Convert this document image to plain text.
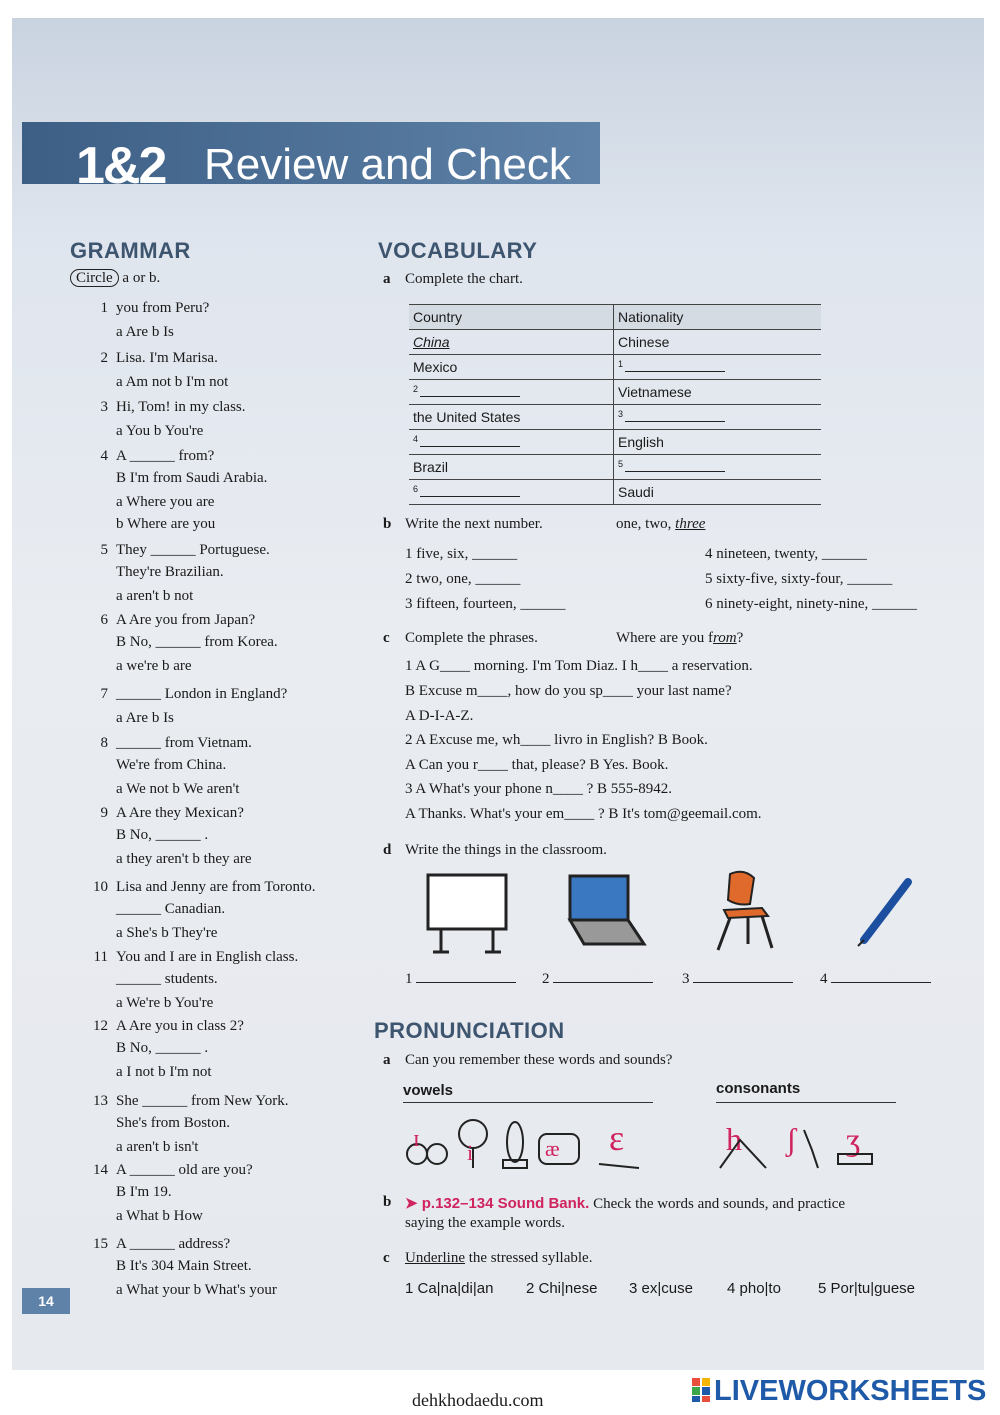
1&2 Review and Check
GRAMMAR
Circle a or b.
1 you from Peru?
a Are b Is
2 Lisa. I'm Marisa.
a Am not b I'm not
3 Hi, Tom! in my class.
a You b You're
4 A ______ from?
B I'm from Saudi Arabia.
a Where you are
b Where are you
5 They ______ Portuguese.
They're Brazilian.
a aren't b not
6 A Are you from Japan?
B No, ______ from Korea.
a we're b are
7 ______ London in England?
a Are b Is
8 ______ from Vietnam.
We're from China.
a We not b We aren't
9 A Are they Mexican?
B No, ______ .
a they aren't b they are
10 Lisa and Jenny are from Toronto.
______ Canadian.
a She's b They're
11 You and I are in English class.
______ students.
a We're b You're
12 A Are you in class 2?
B No, ______ .
a I not b I'm not
13 She ______ from New York.
She's from Boston.
a aren't b isn't
14 A ______ old are you?
B I'm 19.
a What b How
15 A ______ address?
B It's 304 Main Street.
a What your b What's your
VOCABULARY
a Complete the chart.
Country	Nationality
China	Chinese
Mexico	$^1$
$^2$	Vietnamese
the United States	$^3$
$^4$	English
Brazil	$^5$
$^6$	Saudi
b Write the next number.	one, two, three
1 five, six, ______
2 two, one, ______
3 fifteen, fourteen, ______
4 nineteen, twenty, ______
5 sixty-five, sixty-four, ______
6 ninety-eight, ninety-nine, ______
c Complete the phrases.	Where are you from?
1 A G____ morning. I'm Tom Diaz. I h____ a reservation.
B Excuse m____, how do you sp____ your last name?
A D-I-A-Z.
2 A Excuse me, wh____ livro in English? B Book.
A Can you r____ that, please? B Yes. Book.
3 A What's your phone n____ ? B 555-8942.
A Thanks. What's your em____ ? B It's tom@geemail.com.
d Write the things in the classroom.
1	2	3	4
PRONUNCIATION
a Can you remember these words and sounds?
vowels	consonants
ɪ
i	æ ɛ	h ʃ ʒ
b ➤ p.132–134 Sound Bank. Check the words and sounds, and practice
saying the example words.
c Underline the stressed syllable.
1 Ca|na|di|an 2 Chi|nese 3 ex|cuse 4 pho|to 5 Por|tu|guese
14
dehkhodaedu.com	LIVEWORKSHEETS
